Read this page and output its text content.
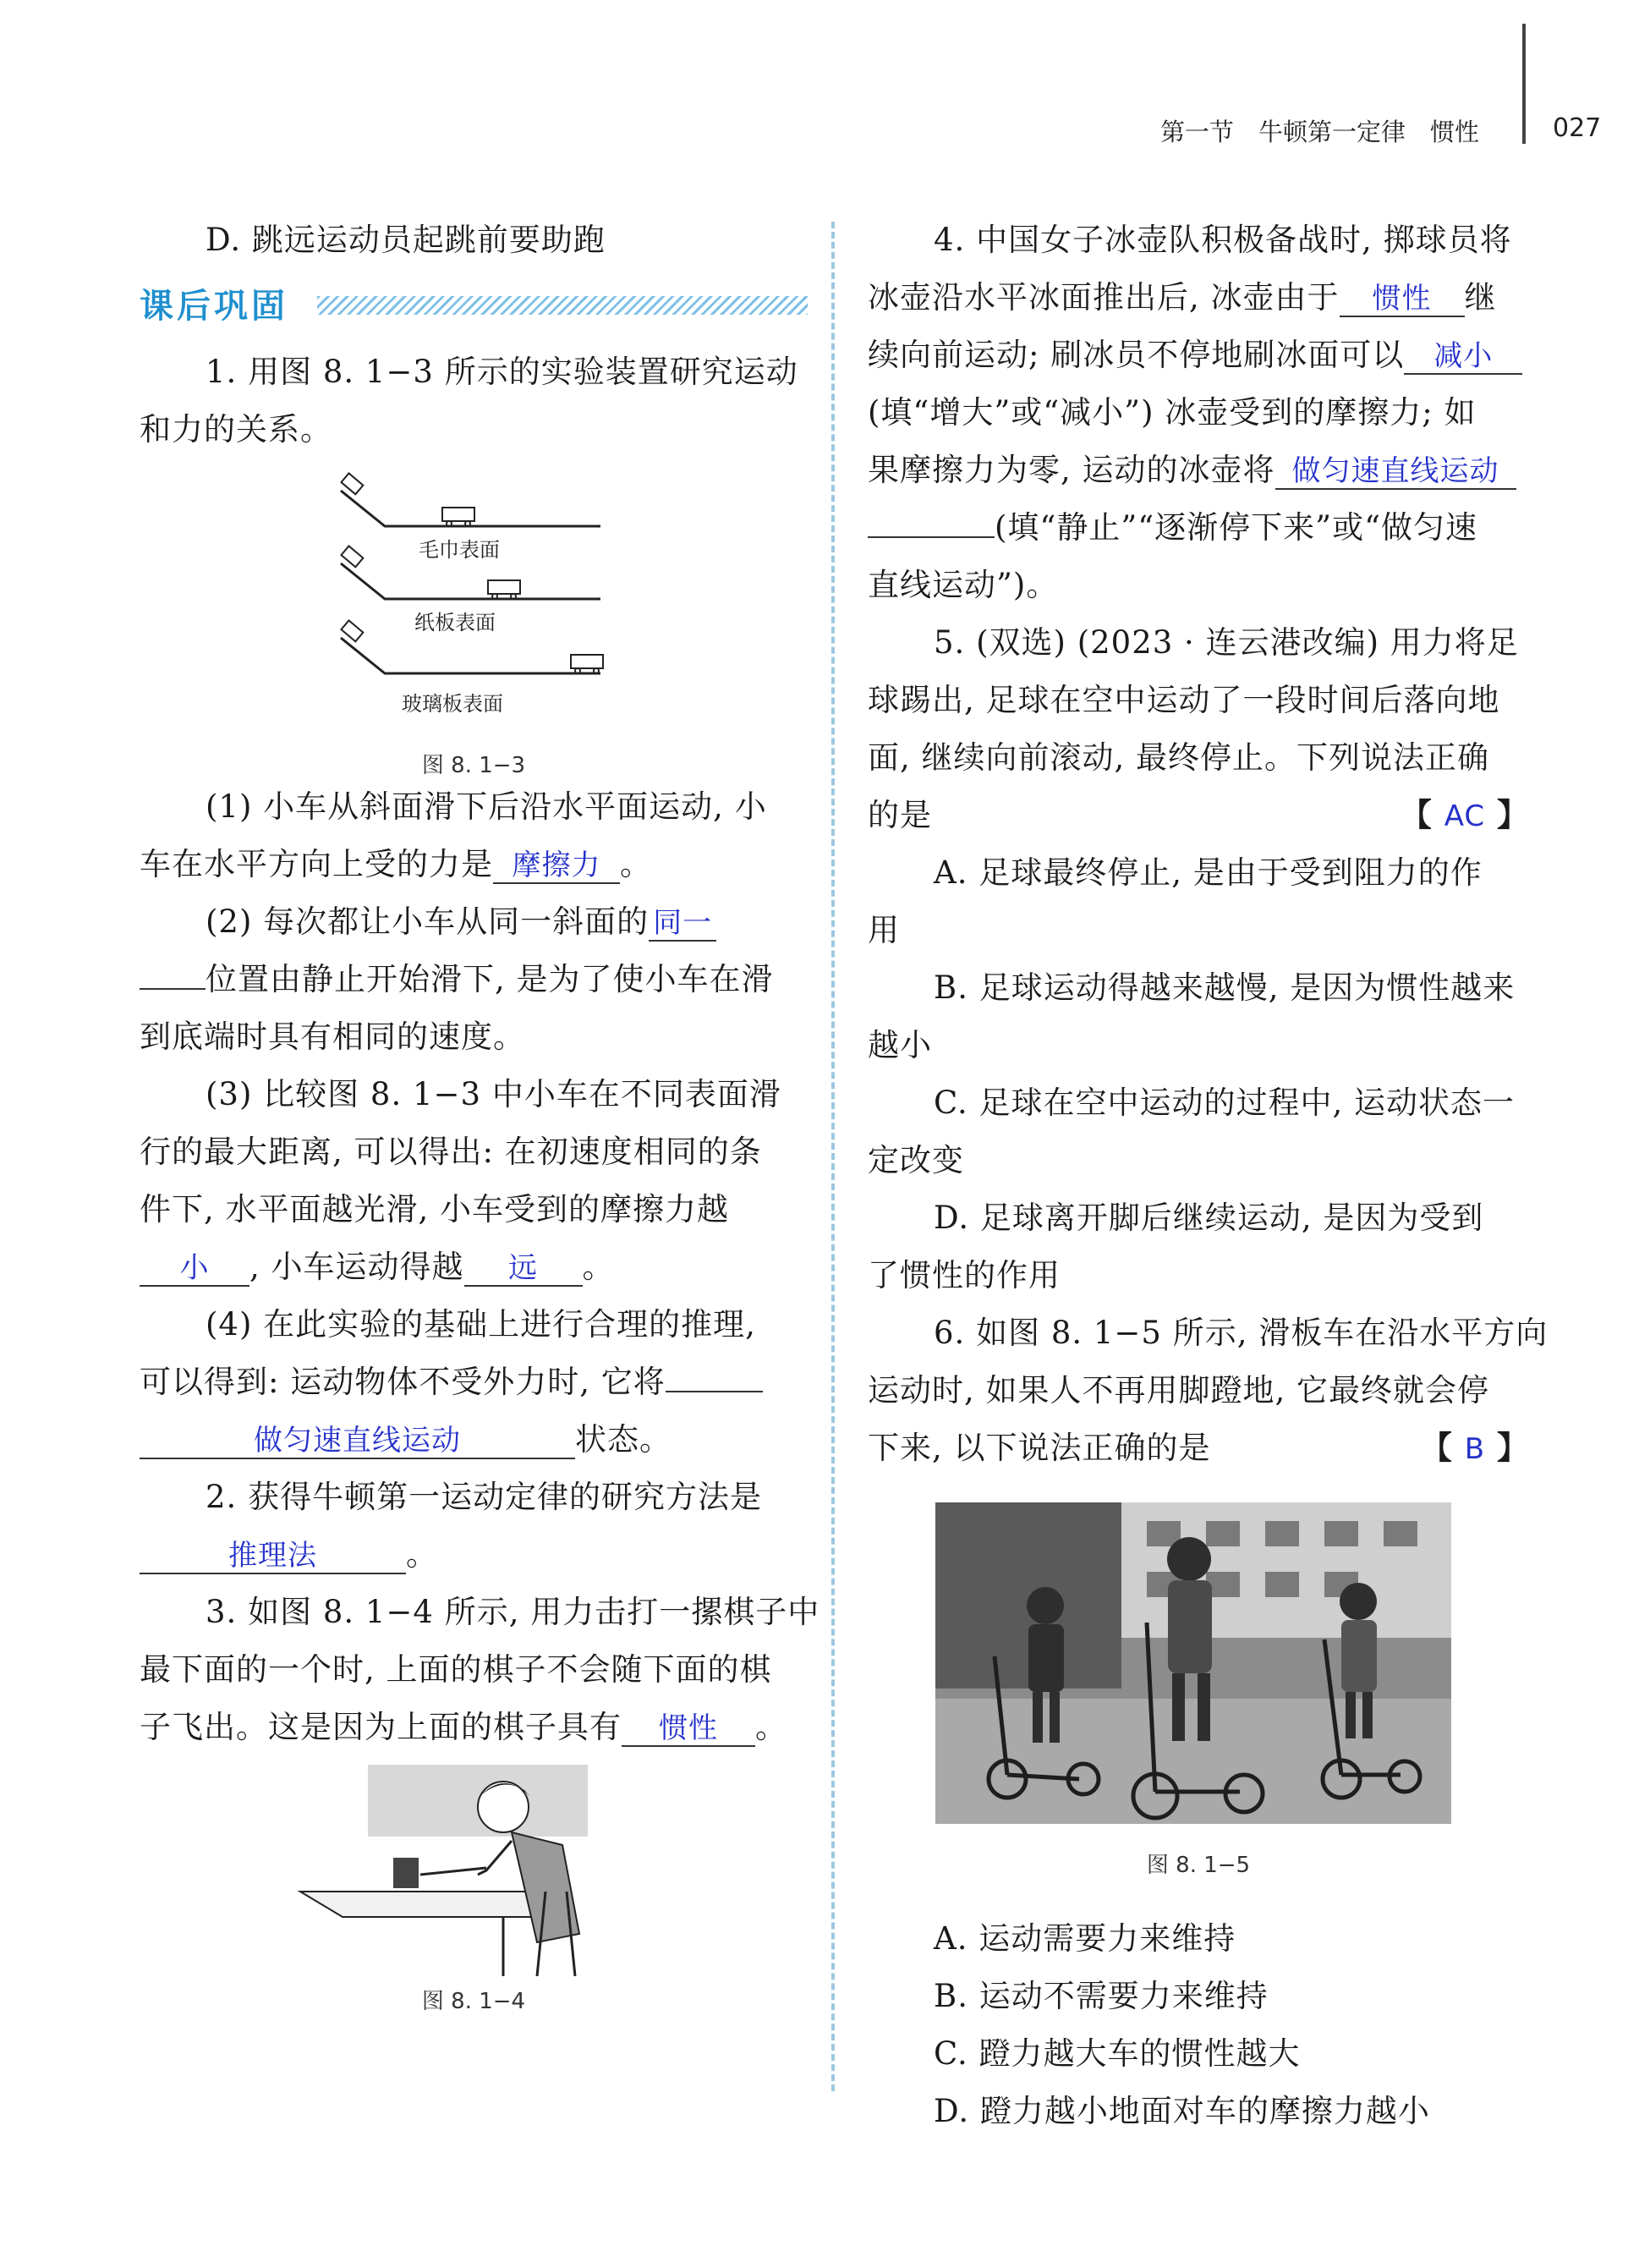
第一节　牛顿第一定律　惯性	027

D. 跳远运动员起跳前要助跑

课后巩固

1. 用图 8. 1−3 所示的实验装置研究运动

和力的关系。

毛巾表面
纸板表面
玻璃板表面
图 8. 1−3

(1) 小车从斜面滑下后沿水平面运动, 小

车在水平方向上受的力是 摩擦力 。

(2) 每次都让小车从同一斜面的 同一

位置由静止开始滑下, 是为了使小车在滑

到底端时具有相同的速度。

(3) 比较图 8. 1−3 中小车在不同表面滑

行的最大距离, 可以得出: 在初速度相同的条

件下, 水平面越光滑, 小车受到的摩擦力越

小 , 小车运动得越 远 。

(4) 在此实验的基础上进行合理的推理,

可以得到: 运动物体不受外力时, 它将

做匀速直线运动	状态。

2. 获得牛顿第一运动定律的研究方法是

推理法	。

3. 如图 8. 1−4 所示, 用力击打一摞棋子中

最下面的一个时, 上面的棋子不会随下面的棋

子飞出。这是因为上面的棋子具有 惯性 。

图 8. 1−4

4. 中国女子冰壶队积极备战时, 掷球员将

冰壶沿水平冰面推出后, 冰壶由于 惯性 继

续向前运动; 刷冰员不停地刷冰面可以 减小

(填“增大”或“减小”) 冰壶受到的摩擦力; 如

果摩擦力为零, 运动的冰壶将 做匀速直线运动

(填“静止”“逐渐停下来”或“做匀速

直线运动”)。

5. (双选) (2023 · 连云港改编) 用力将足

球踢出, 足球在空中运动了一段时间后落向地

面, 继续向前滚动, 最终停止。下列说法正确

的是	【 AC 】

A. 足球最终停止, 是由于受到阻力的作

用

B. 足球运动得越来越慢, 是因为惯性越来

越小

C. 足球在空中运动的过程中, 运动状态一

定改变

D. 足球离开脚后继续运动, 是因为受到

了惯性的作用

6. 如图 8. 1−5 所示, 滑板车在沿水平方向

运动时, 如果人不再用脚蹬地, 它最终就会停

下来, 以下说法正确的是	【 B 】

图 8. 1−5

A. 运动需要力来维持

B. 运动不需要力来维持

C. 蹬力越大车的惯性越大

D. 蹬力越小地面对车的摩擦力越小
